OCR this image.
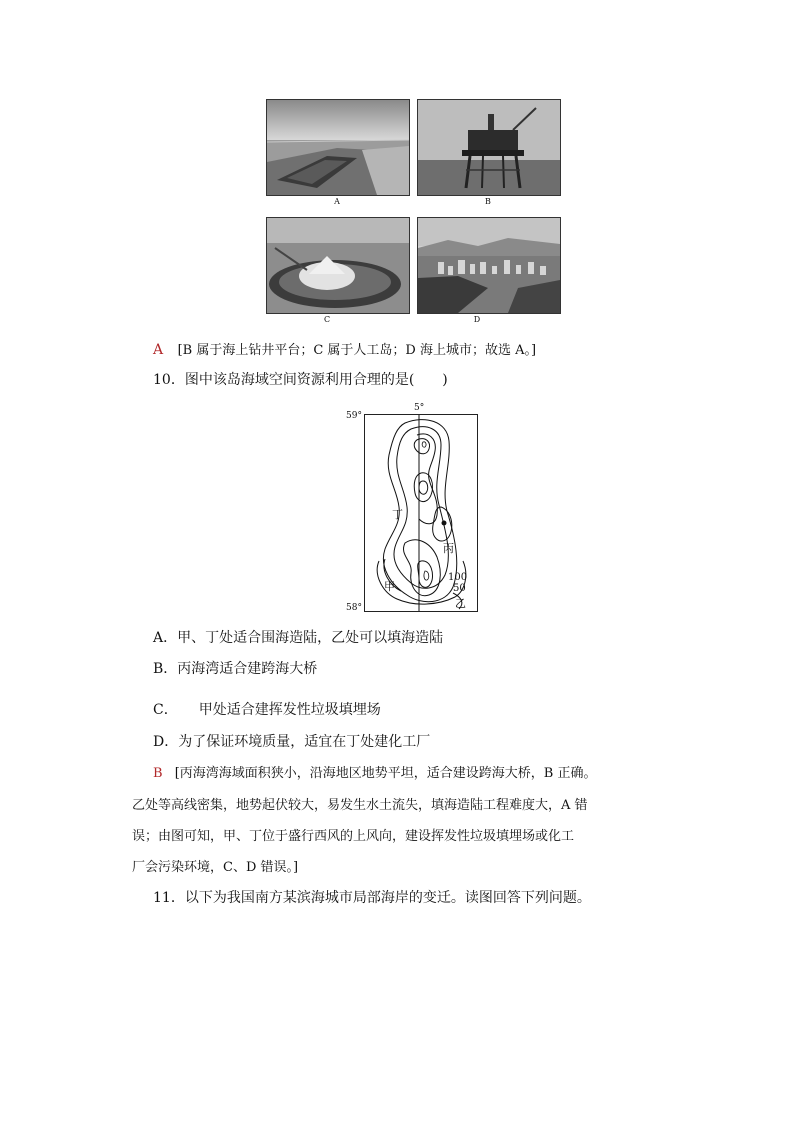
A	B
C	D
A [B 属于海上钻井平台；C 属于人工岛；D 海上城市；故选 A。]
10．图中该岛海域空间资源利用合理的是(　　)
59°
5°
58°
丁
丙
甲
100
50
乙
A．甲、丁处适合围海造陆，乙处可以填海造陆
B．丙海湾适合建跨海大桥
C．　　甲处适合建挥发性垃圾填埋场
D．为了保证环境质量，适宜在丁处建化工厂
B [丙海湾海域面积狭小，沿海地区地势平坦，适合建设跨海大桥，B 正确。
乙处等高线密集，地势起伏较大，易发生水土流失，填海造陆工程难度大，A 错
误；由图可知，甲、丁位于盛行西风的上风向，建设挥发性垃圾填埋场或化工
厂会污染环境，C、D 错误。]
11．以下为我国南方某滨海城市局部海岸的变迁。读图回答下列问题。
